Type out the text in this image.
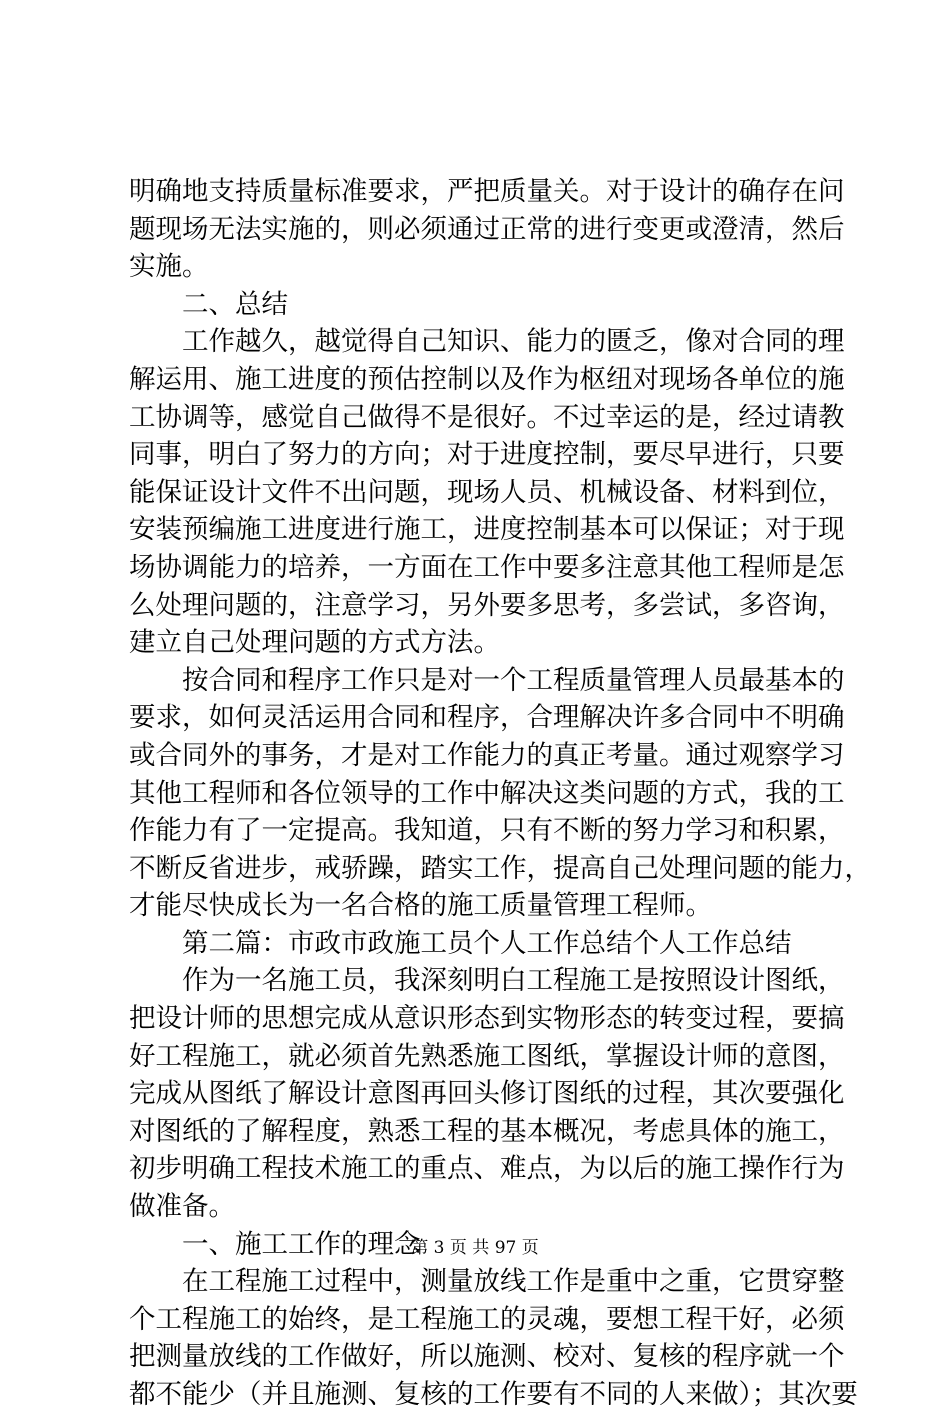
明确地支持质量标准要求，严把质量关。对于设计的确存在问
题现场无法实施的，则必须通过正常的进行变更或澄清，然后
实施。
二、总结
工作越久，越觉得自己知识、能力的匮乏，像对合同的理
解运用、施工进度的预估控制以及作为枢纽对现场各单位的施
工协调等，感觉自己做得不是很好。不过幸运的是，经过请教
同事，明白了努力的方向；对于进度控制，要尽早进行，只要
能保证设计文件不出问题，现场人员、机械设备、材料到位，
安装预编施工进度进行施工，进度控制基本可以保证；对于现
场协调能力的培养，一方面在工作中要多注意其他工程师是怎
么处理问题的，注意学习，另外要多思考，多尝试，多咨询，
建立自己处理问题的方式方法。
按合同和程序工作只是对一个工程质量管理人员最基本的
要求，如何灵活运用合同和程序，合理解决许多合同中不明确
或合同外的事务，才是对工作能力的真正考量。通过观察学习
其他工程师和各位领导的工作中解决这类问题的方式，我的工
作能力有了一定提高。我知道，只有不断的努力学习和积累，
不断反省进步，戒骄躁，踏实工作，提高自己处理问题的能力，
才能尽快成长为一名合格的施工质量管理工程师。
第二篇：市政市政施工员个人工作总结个人工作总结
作为一名施工员，我深刻明白工程施工是按照设计图纸，
把设计师的思想完成从意识形态到实物形态的转变过程，要搞
好工程施工，就必须首先熟悉施工图纸，掌握设计师的意图，
完成从图纸了解设计意图再回头修订图纸的过程，其次要强化
对图纸的了解程度，熟悉工程的基本概况，考虑具体的施工，
初步明确工程技术施工的重点、难点，为以后的施工操作行为
做准备。
一、施工工作的理念
在工程施工过程中，测量放线工作是重中之重，它贯穿整
个工程施工的始终，是工程施工的灵魂，要想工程干好，必须
把测量放线的工作做好，所以施测、校对、复核的程序就一个
都不能少（并且施测、复核的工作要有不同的人来做）；其次要
第 3 页 共 97 页
